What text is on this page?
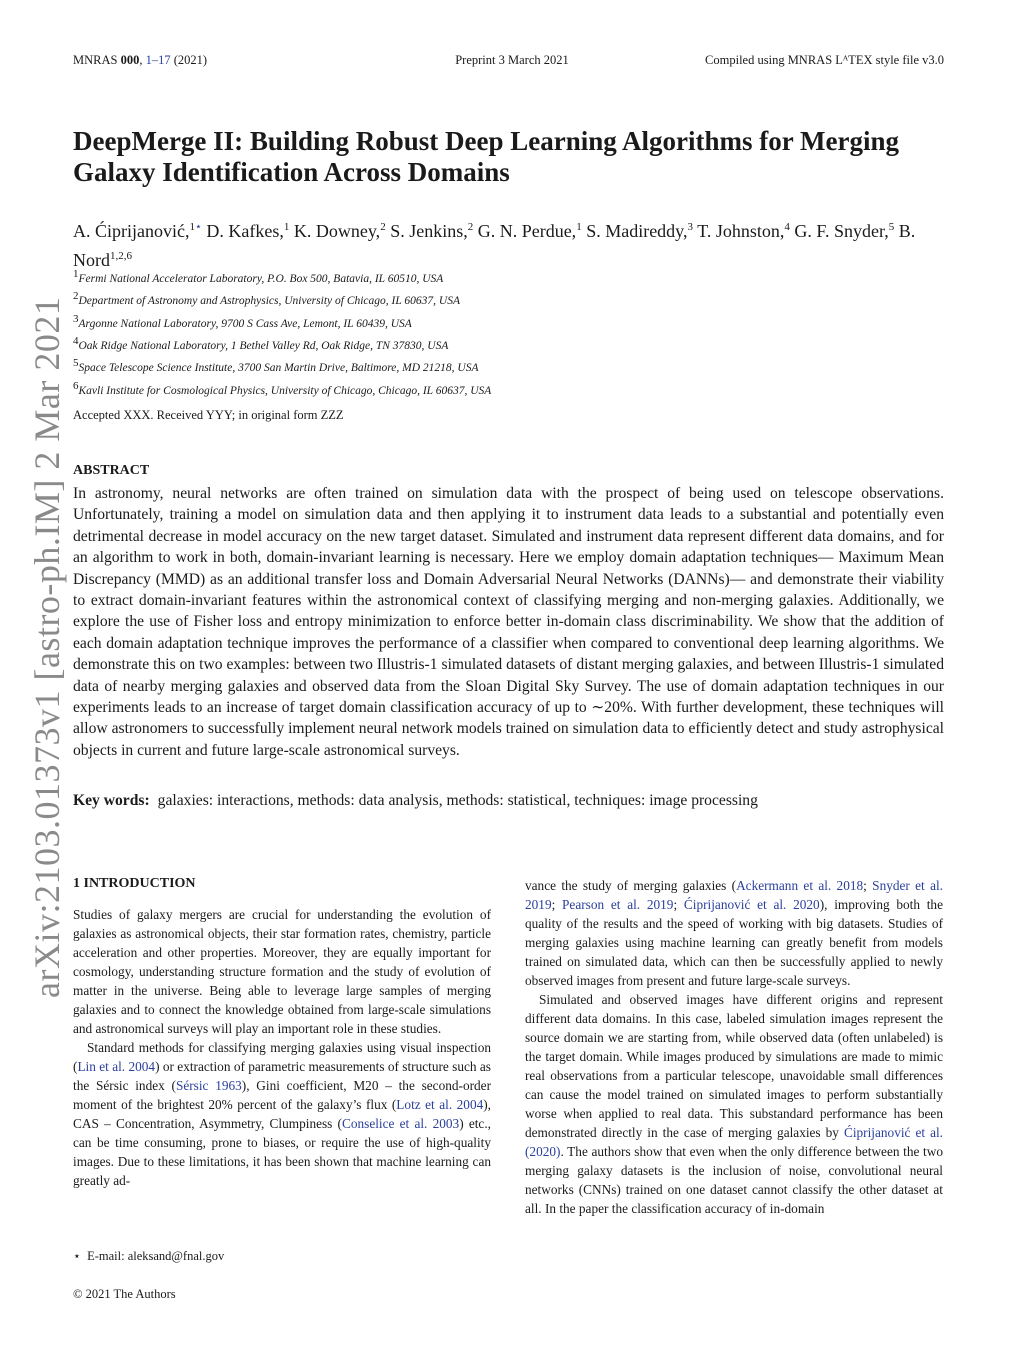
MNRAS 000, 1–17 (2021)	Preprint 3 March 2021	Compiled using MNRAS LᴬTEX style file v3.0
arXiv:2103.01373v1 [astro-ph.IM] 2 Mar 2021
DeepMerge II: Building Robust Deep Learning Algorithms for Merging Galaxy Identification Across Domains
A. Ćiprijanović,$^{1⋆}$ D. Kafkes,$^1$ K. Downey,$^2$ S. Jenkins,$^2$ G. N. Perdue,$^1$ S. Madireddy,$^3$ T. Johnston,$^4$ G. F. Snyder,$^5$ B. Nord$^{1,2,6}$
$^1$Fermi National Accelerator Laboratory, P.O. Box 500, Batavia, IL 60510, USA
$^2$Department of Astronomy and Astrophysics, University of Chicago, IL 60637, USA
$^3$Argonne National Laboratory, 9700 S Cass Ave, Lemont, IL 60439, USA
$^4$Oak Ridge National Laboratory, 1 Bethel Valley Rd, Oak Ridge, TN 37830, USA
$^5$Space Telescope Science Institute, 3700 San Martin Drive, Baltimore, MD 21218, USA
$^6$Kavli Institute for Cosmological Physics, University of Chicago, Chicago, IL 60637, USA
Accepted XXX. Received YYY; in original form ZZZ
ABSTRACT
In astronomy, neural networks are often trained on simulation data with the prospect of being used on telescope observations. Unfortunately, training a model on simulation data and then applying it to instrument data leads to a substantial and potentially even detrimental decrease in model accuracy on the new target dataset. Simulated and instrument data represent different data domains, and for an algorithm to work in both, domain-invariant learning is necessary. Here we employ domain adaptation techniques— Maximum Mean Discrepancy (MMD) as an additional transfer loss and Domain Adversarial Neural Networks (DANNs)— and demonstrate their viability to extract domain-invariant features within the astronomical context of classifying merging and non-merging galaxies. Additionally, we explore the use of Fisher loss and entropy minimization to enforce better in-domain class discriminability. We show that the addition of each domain adaptation technique improves the performance of a classifier when compared to conventional deep learning algorithms. We demonstrate this on two examples: between two Illustris-1 simulated datasets of distant merging galaxies, and between Illustris-1 simulated data of nearby merging galaxies and observed data from the Sloan Digital Sky Survey. The use of domain adaptation techniques in our experiments leads to an increase of target domain classification accuracy of up to ∼20%. With further development, these techniques will allow astronomers to successfully implement neural network models trained on simulation data to efficiently detect and study astrophysical objects in current and future large-scale astronomical surveys.
Key words: galaxies: interactions, methods: data analysis, methods: statistical, techniques: image processing
1 INTRODUCTION

Studies of galaxy mergers are crucial for understanding the evolution of galaxies as astronomical objects, their star formation rates, chemistry, particle acceleration and other properties. Moreover, they are equally important for cosmology, understanding structure formation and the study of evolution of matter in the universe. Being able to leverage large samples of merging galaxies and to connect the knowledge obtained from large-scale simulations and astronomical surveys will play an important role in these studies.

Standard methods for classifying merging galaxies using visual inspection (Lin et al. 2004) or extraction of parametric measurements of structure such as the Sérsic index (Sérsic 1963), Gini coefficient, M20 – the second-order moment of the brightest 20% percent of the galaxy’s flux (Lotz et al. 2004), CAS – Concentration, Asymmetry, Clumpiness (Conselice et al. 2003) etc., can be time consuming, prone to biases, or require the use of high-quality images. Due to these limitations, it has been shown that machine learning can greatly ad-

vance the study of merging galaxies (Ackermann et al. 2018; Snyder et al. 2019; Pearson et al. 2019; Ćiprijanović et al. 2020), improving both the quality of the results and the speed of working with big datasets. Studies of merging galaxies using machine learning can greatly benefit from models trained on simulated data, which can then be successfully applied to newly observed images from present and future large-scale surveys.

Simulated and observed images have different origins and represent different data domains. In this case, labeled simulation images represent the source domain we are starting from, while observed data (often unlabeled) is the target domain. While images produced by simulations are made to mimic real observations from a particular telescope, unavoidable small differences can cause the model trained on simulated images to perform substantially worse when applied to real data. This substandard performance has been demonstrated directly in the case of merging galaxies by Ćiprijanović et al. (2020). The authors show that even when the only difference between the two merging galaxy datasets is the inclusion of noise, convolutional neural networks (CNNs) trained on one dataset cannot classify the other dataset at all. In the paper the classification accuracy of in-domain

⋆ E-mail: aleksand@fnal.gov
© 2021 The Authors
